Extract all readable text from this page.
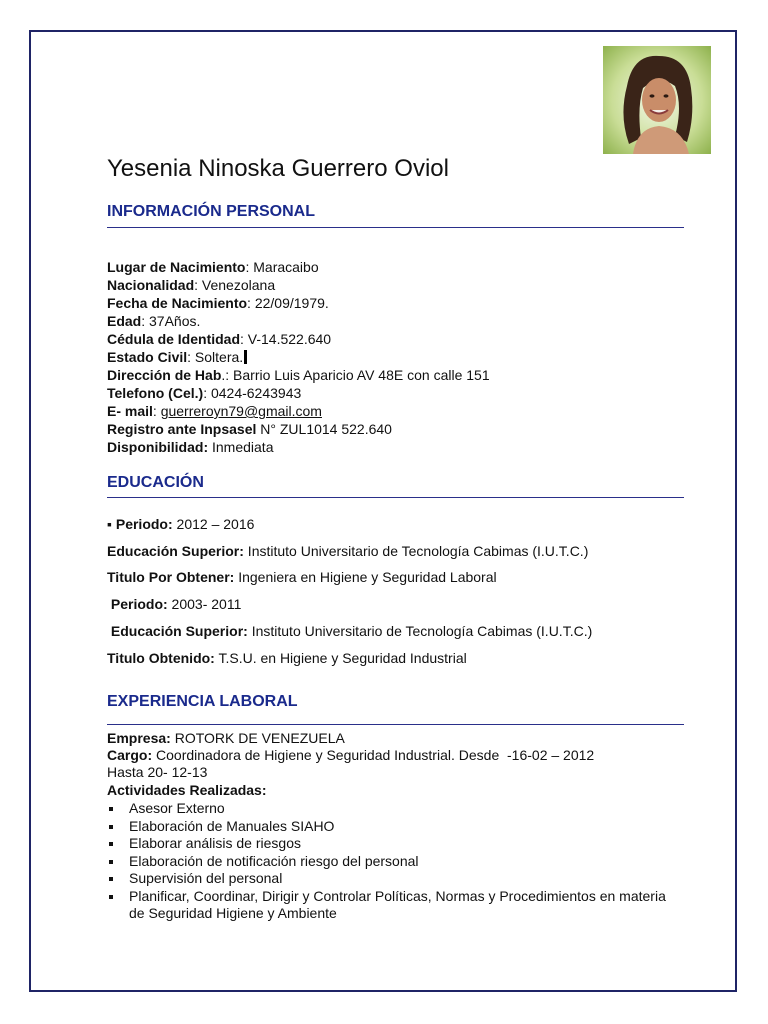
Yesenia Ninoska Guerrero Oviol
INFORMACIÓN PERSONAL
Lugar de Nacimiento: Maracaibo
Nacionalidad: Venezolana
Fecha de Nacimiento: 22/09/1979.
Edad: 37Años.
Cédula de Identidad: V-14.522.640
Estado Civil: Soltera.
Dirección de Hab.: Barrio Luis Aparicio AV 48E con calle 151
Telefono (Cel.): 0424-6243943
E- mail: guerreroyn79@gmail.com
Registro ante Inpsasel N° ZUL1014 522.640
Disponibilidad: Inmediata
EDUCACIÓN
▪ Periodo: 2012 – 2016
Educación Superior: Instituto Universitario de Tecnología Cabimas (I.U.T.C.)
Titulo Por Obtener: Ingeniera en Higiene y Seguridad Laboral
Periodo: 2003- 2011
Educación Superior: Instituto Universitario de Tecnología Cabimas (I.U.T.C.)
Titulo Obtenido: T.S.U. en Higiene y Seguridad Industrial
EXPERIENCIA LABORAL
Empresa: ROTORK DE VENEZUELA
Cargo: Coordinadora de Higiene y Seguridad Industrial. Desde  -16-02 – 2012
Hasta 20- 12-13
Actividades Realizadas:
Asesor Externo
Elaboración de Manuales SIAHO
Elaborar análisis de riesgos
Elaboración de notificación riesgo del personal
Supervisión del personal
Planificar, Coordinar, Dirigir y Controlar Políticas, Normas y Procedimientos en materia de Seguridad Higiene y Ambiente
